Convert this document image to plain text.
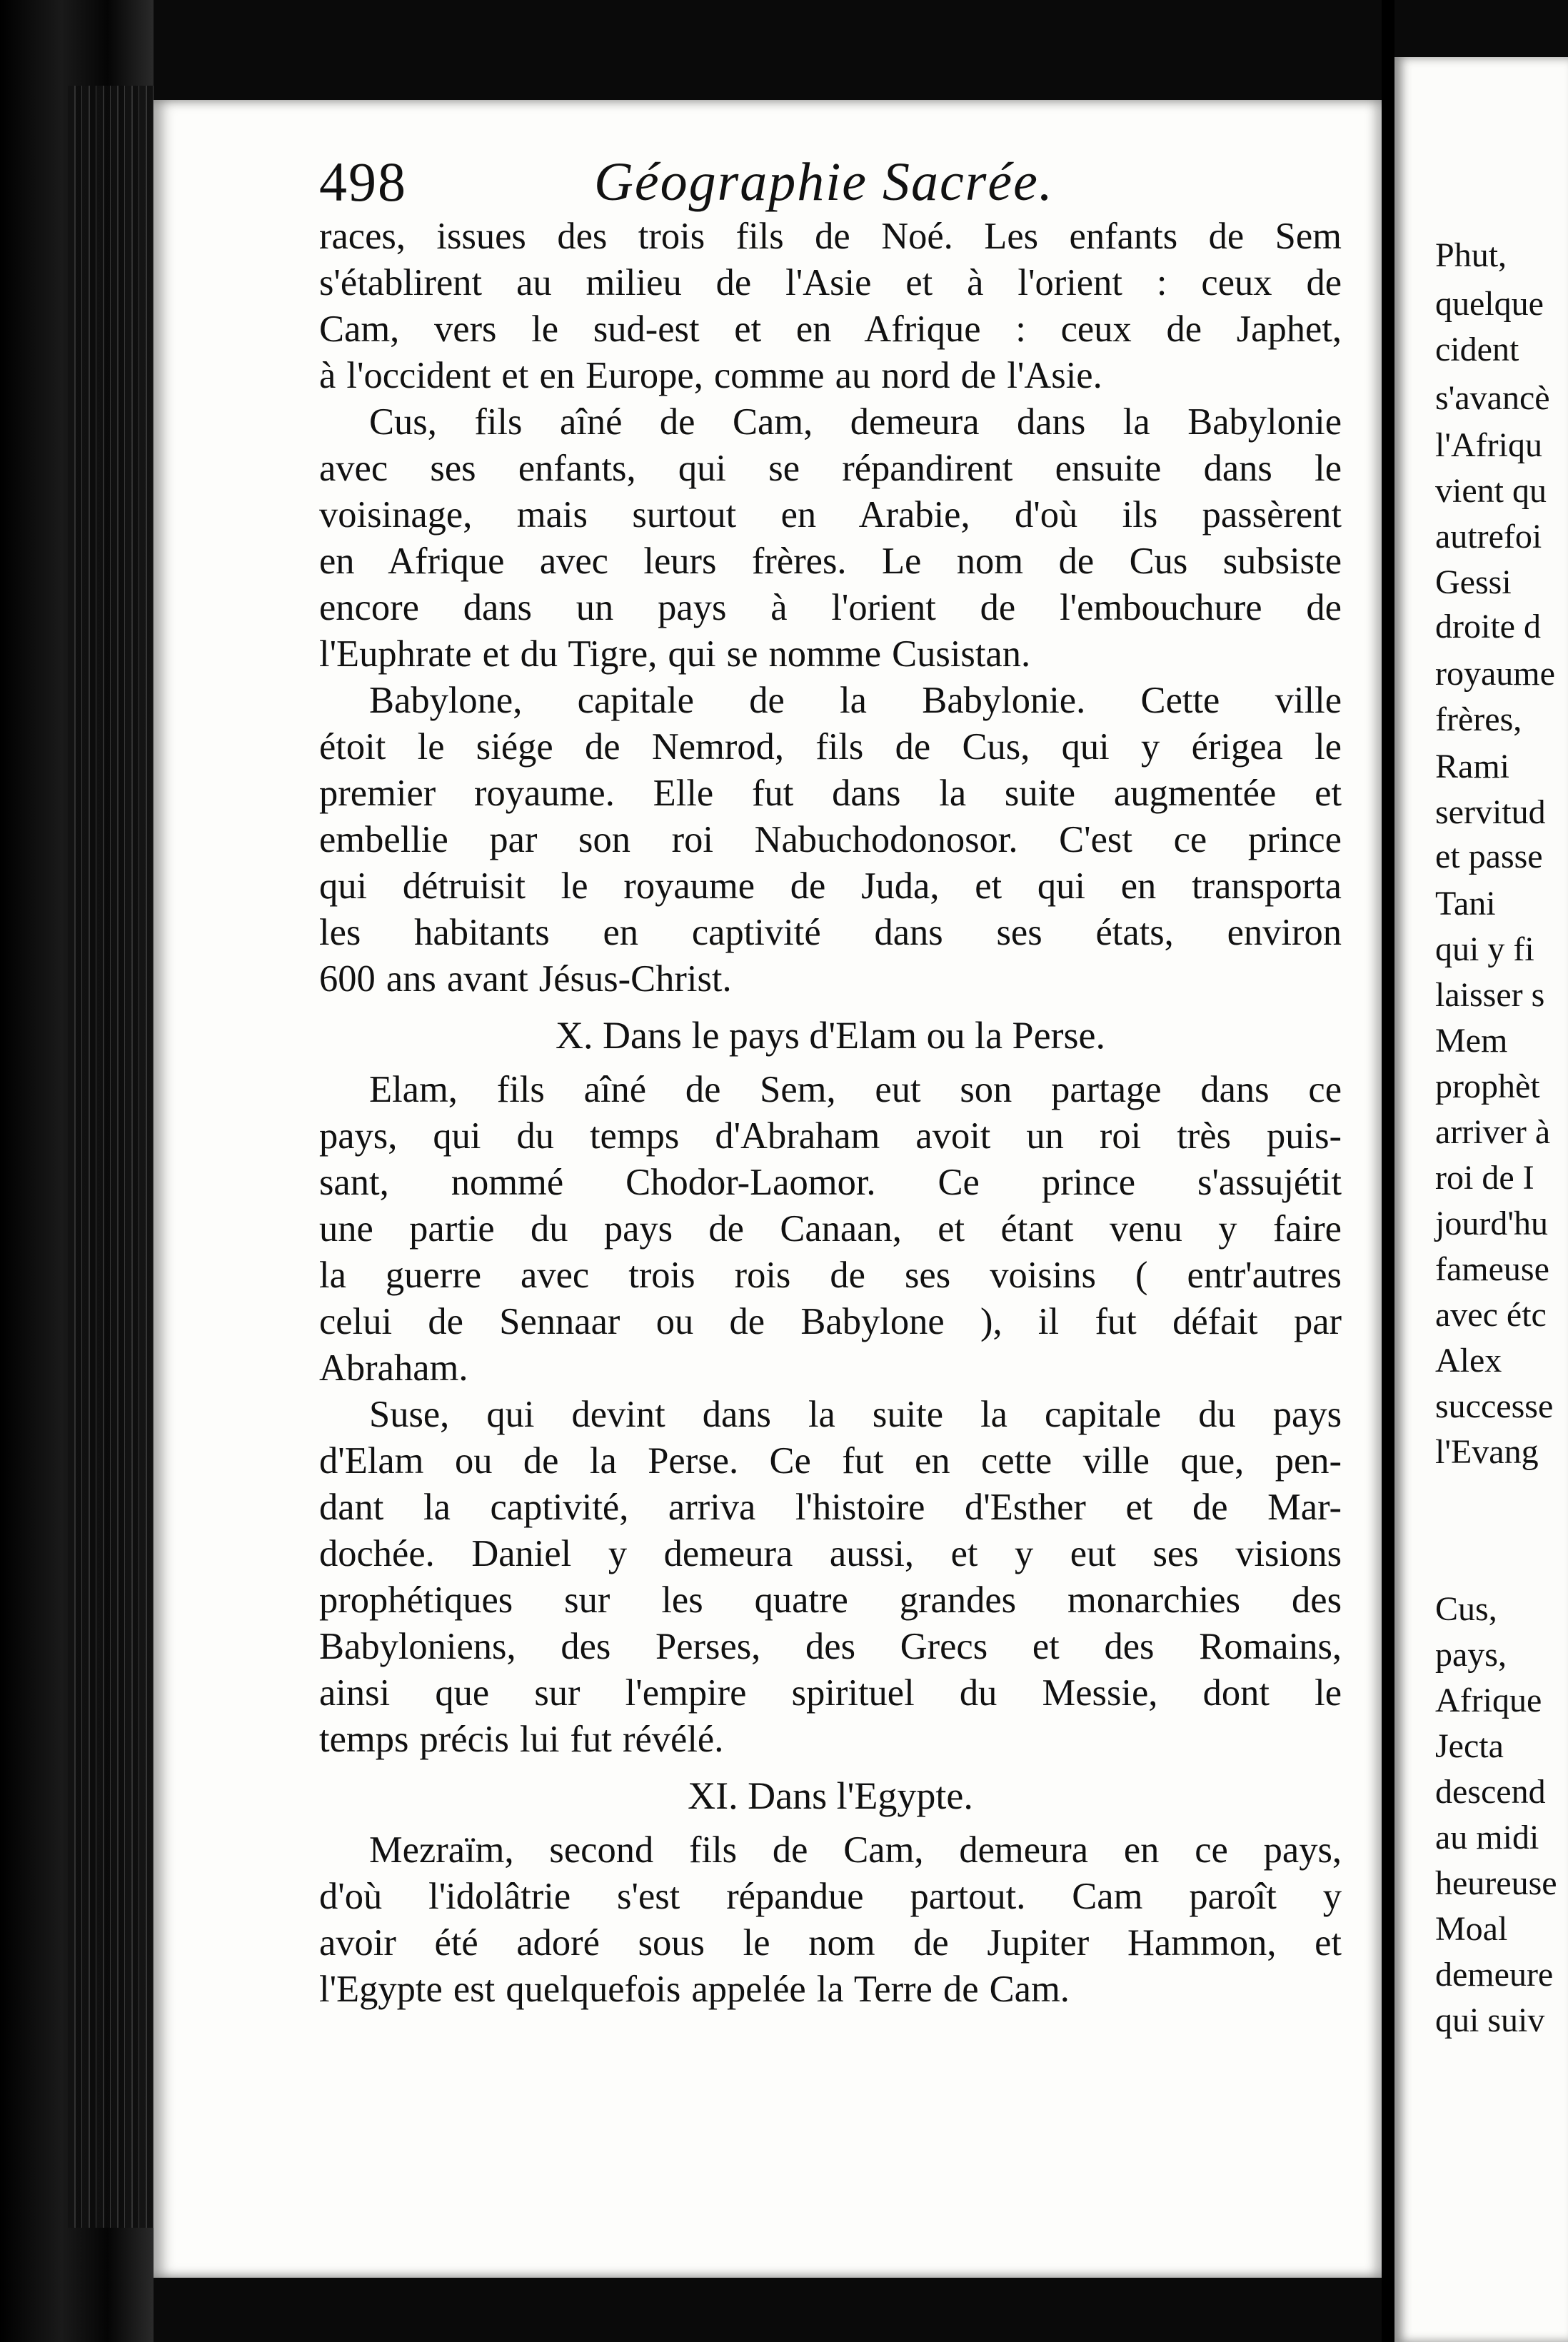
498	Géographie Sacrée.

races, issues des trois fils de Noé. Les enfants de Sem
s'établirent au milieu de l'Asie et à l'orient : ceux de
Cam, vers le sud-est et en Afrique : ceux de Japhet,
à l'occident et en Europe, comme au nord de l'Asie.

Cus, fils aîné de Cam, demeura dans la Babylonie
avec ses enfants, qui se répandirent ensuite dans le
voisinage, mais surtout en Arabie, d'où ils passèrent
en Afrique avec leurs frères. Le nom de Cus subsiste
encore dans un pays à l'orient de l'embouchure de
l'Euphrate et du Tigre, qui se nomme Cusistan.

Babylone, capitale de la Babylonie. Cette ville
étoit le siége de Nemrod, fils de Cus, qui y érigea le
premier royaume. Elle fut dans la suite augmentée et
embellie par son roi Nabuchodonosor. C'est ce prince
qui détruisit le royaume de Juda, et qui en transporta
les habitants en captivité dans ses états, environ
600 ans avant Jésus-Christ.

X. Dans le pays d'Elam ou la Perse.

Elam, fils aîné de Sem, eut son partage dans ce
pays, qui du temps d'Abraham avoit un roi très puis-
sant, nommé Chodor-Laomor. Ce prince s'assujétit
une partie du pays de Canaan, et étant venu y faire
la guerre avec trois rois de ses voisins ( entr'autres
celui de Sennaar ou de Babylone ), il fut défait par
Abraham.

Suse, qui devint dans la suite la capitale du pays
d'Elam ou de la Perse. Ce fut en cette ville que, pen-
dant la captivité, arriva l'histoire d'Esther et de Mar-
dochée. Daniel y demeura aussi, et y eut ses visions
prophétiques sur les quatre grandes monarchies des
Babyloniens, des Perses, des Grecs et des Romains,
ainsi que sur l'empire spirituel du Messie, dont le
temps précis lui fut révélé.

XI. Dans l'Egypte.

Mezraïm, second fils de Cam, demeura en ce pays,
d'où l'idolâtrie s'est répandue partout. Cam paroît y
avoir été adoré sous le nom de Jupiter Hammon, et
l'Egypte est quelquefois appelée la Terre de Cam.

Phut,
quelque
cident
s'avancè
l'Afriqu
vient qu
autrefoi
Gessi
droite d
royaume
frères,
Rami
servitud
et passe
Tani
qui y fi
laisser s
Mem
prophèt
arriver à
roi de I
jourd'hu
fameuse
avec étc
Alex
successe
l'Evang
Cus,
pays,
Afrique
Jecta
descend
au midi
heureuse
Moal
demeure
qui suiv
